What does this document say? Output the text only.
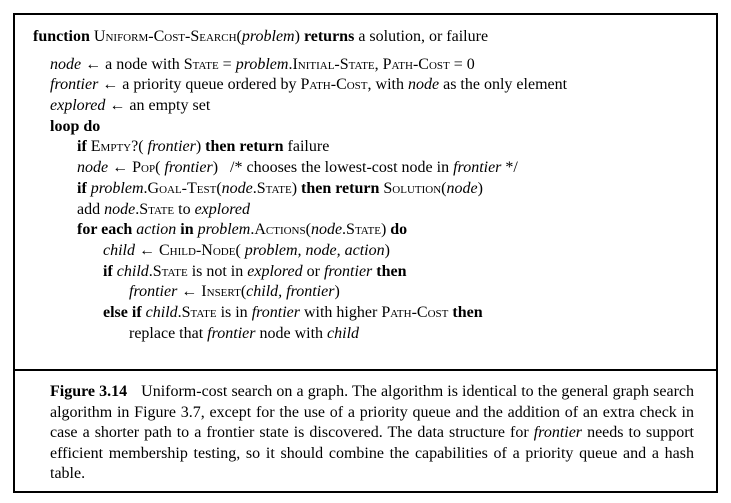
function Uniform-Cost-Search(problem) returns a solution, or failure
node ← a node with State = problem.Initial-State, Path-Cost = 0
frontier ← a priority queue ordered by Path-Cost, with node as the only element
explored ← an empty set
loop do
if Empty?( frontier) then return failure
node ← Pop( frontier)   /* chooses the lowest-cost node in frontier */
if problem.Goal-Test(node.State) then return Solution(node)
add node.State to explored
for each action in problem.Actions(node.State) do
child ← Child-Node( problem, node, action)
if child.State is not in explored or frontier then
frontier ← Insert(child, frontier)
else if child.State is in frontier with higher Path-Cost then
replace that frontier node with child
Figure 3.14 Uniform-cost search on a graph. The algorithm is identical to the general graph search algorithm in Figure 3.7, except for the use of a priority queue and the addition of an extra check in case a shorter path to a frontier state is discovered. The data structure for frontier needs to support efficient membership testing, so it should combine the capabilities of a priority queue and a hash table.
